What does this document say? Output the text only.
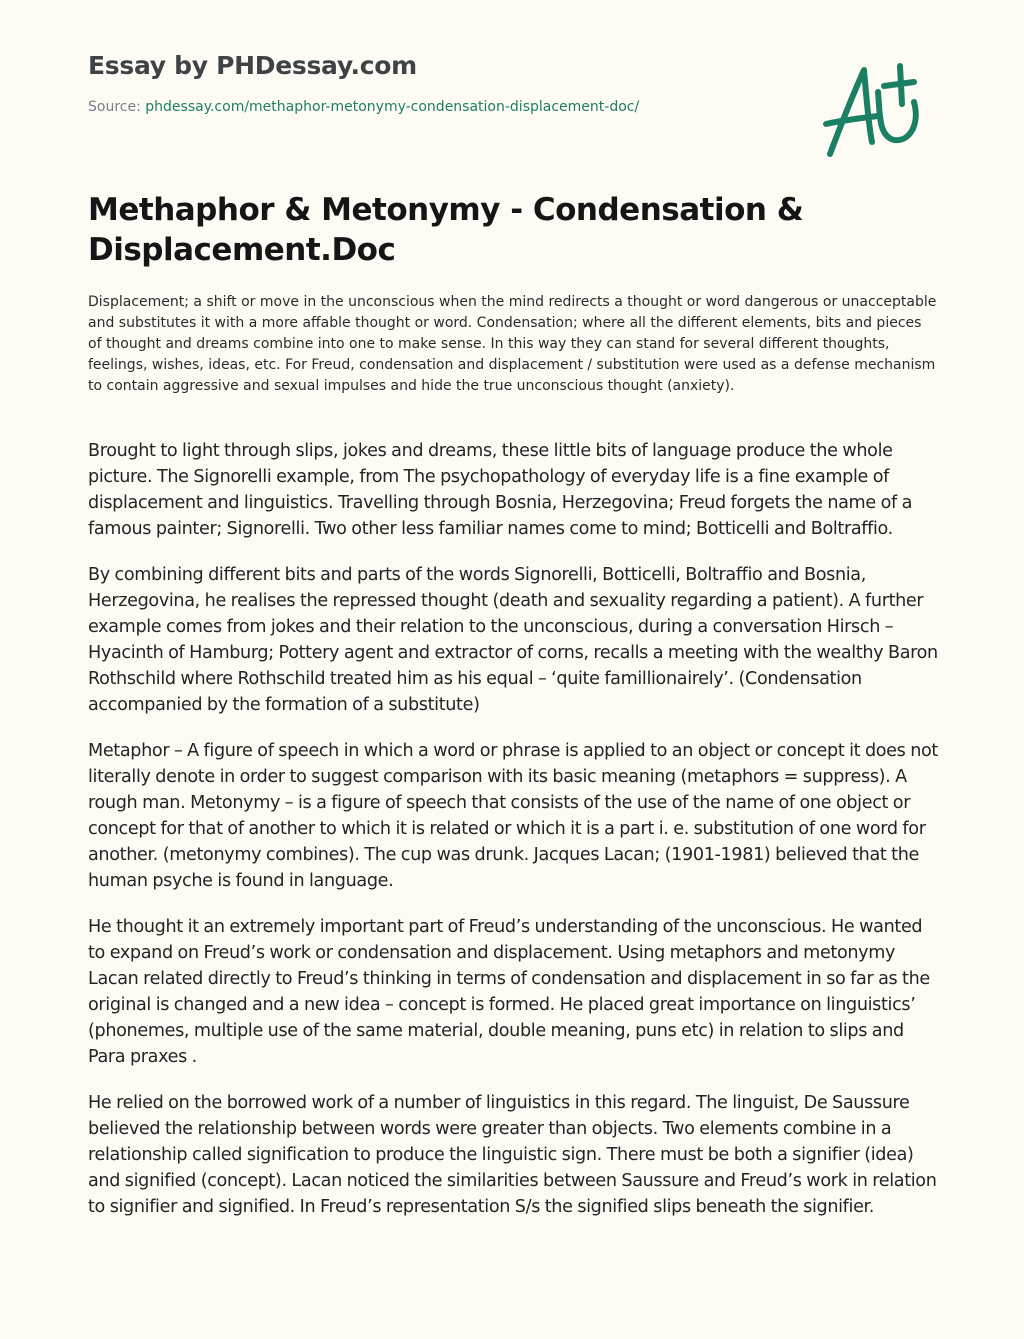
Essay by PHDessay.com
Source: phdessay.com/methaphor-metonymy-condensation-displacement-doc/
Methaphor & Metonymy - Condensation & Displacement.Doc

Displacement; a shift or move in the unconscious when the mind redirects a thought or word dangerous or unacceptable and substitutes it with a more affable thought or word. Condensation; where all the different elements, bits and pieces of thought and dreams combine into one to make sense. In this way they can stand for several different thoughts, feelings, wishes, ideas, etc. For Freud, condensation and displacement / substitution were used as a defense mechanism to contain aggressive and sexual impulses and hide the true unconscious thought (anxiety).

Brought to light through slips, jokes and dreams, these little bits of language produce the whole picture. The Signorelli example, from The psychopathology of everyday life is a fine example of displacement and linguistics. Travelling through Bosnia, Herzegovina; Freud forgets the name of a famous painter; Signorelli. Two other less familiar names come to mind; Botticelli and Boltraffio.

By combining different bits and parts of the words Signorelli, Botticelli, Boltraffio and Bosnia, Herzegovina, he realises the repressed thought (death and sexuality regarding a patient). A further example comes from jokes and their relation to the unconscious, during a conversation Hirsch – Hyacinth of Hamburg; Pottery agent and extractor of corns, recalls a meeting with the wealthy Baron Rothschild where Rothschild treated him as his equal – ‘quite famillionairely’. (Condensation accompanied by the formation of a substitute)

Metaphor – A figure of speech in which a word or phrase is applied to an object or concept it does not literally denote in order to suggest comparison with its basic meaning (metaphors = suppress). A rough man. Metonymy – is a figure of speech that consists of the use of the name of one object or concept for that of another to which it is related or which it is a part i. e. substitution of one word for another. (metonymy combines). The cup was drunk. Jacques Lacan; (1901-1981) believed that the human psyche is found in language.

He thought it an extremely important part of Freud’s understanding of the unconscious. He wanted to expand on Freud’s work or condensation and displacement. Using metaphors and metonymy Lacan related directly to Freud’s thinking in terms of condensation and displacement in so far as the original is changed and a new idea – concept is formed. He placed great importance on linguistics’ (phonemes, multiple use of the same material, double meaning, puns etc) in relation to slips and Para praxes .

He relied on the borrowed work of a number of linguistics in this regard. The linguist, De Saussure believed the relationship between words were greater than objects. Two elements combine in a relationship called signification to produce the linguistic sign. There must be both a signifier (idea) and signified (concept). Lacan noticed the similarities between Saussure and Freud’s work in relation to signifier and signified. In Freud’s representation S/s the signified slips beneath the signifier.
